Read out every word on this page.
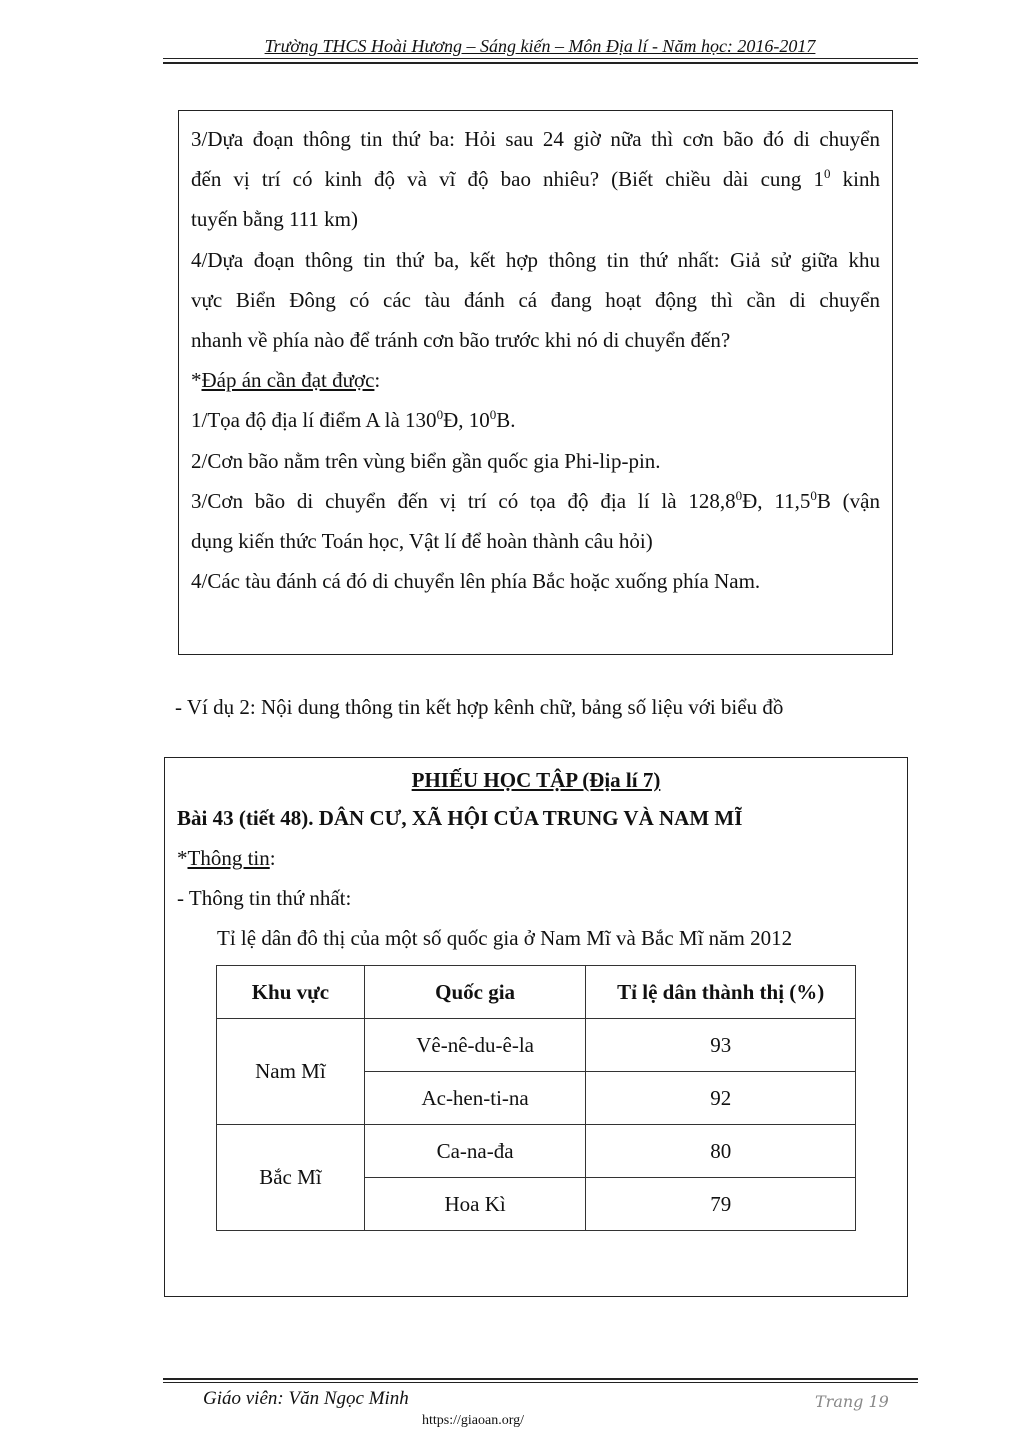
Trường THCS Hoài Hương – Sáng kiến – Môn Địa lí - Năm học: 2016-2017
3/Dựa đoạn thông tin thứ ba: Hỏi sau 24 giờ nữa thì cơn bão đó di chuyển
đến vị trí có kinh độ và vĩ độ bao nhiêu? (Biết chiều dài cung $1^0$ kinh
tuyến bằng 111 km)
4/Dựa đoạn thông tin thứ ba, kết hợp thông tin thứ nhất: Giả sử giữa khu
vực Biển Đông có các tàu đánh cá đang hoạt động thì cần di chuyển
nhanh về phía nào để tránh cơn bão trước khi nó di chuyển đến?
*Đáp án cần đạt được:
1/Tọa độ địa lí điểm A là $130^0Đ$, $10^0B$.
2/Cơn bão nằm trên vùng biển gần quốc gia Phi-lip-pin.
3/Cơn bão di chuyển đến vị trí có tọa độ địa lí là 128,8$^0$Đ, 11,5$^0$B (vận
dụng kiến thức Toán học, Vật lí để hoàn thành câu hỏi)
4/Các tàu đánh cá đó di chuyển lên phía Bắc hoặc xuống phía Nam.
- Ví dụ 2: Nội dung thông tin kết hợp kênh chữ, bảng số liệu với biểu đồ
PHIẾU HỌC TẬP (Địa lí 7)
Bài 43 (tiết 48). DÂN CƯ, XÃ HỘI CỦA TRUNG VÀ NAM MĨ
*Thông tin:
- Thông tin thứ nhất:
Tỉ lệ dân đô thị của một số quốc gia ở Nam Mĩ và Bắc Mĩ năm 2012
Khu vực	Quốc gia	Tỉ lệ dân thành thị (%)
Nam Mĩ	Vê-nê-du-ê-la	93
	Ac-hen-ti-na	92
Bắc Mĩ	Ca-na-đa	80
	Hoa Kì	79
Giáo viên: Văn Ngọc Minh	Trang 19
https://giaoan.org/
